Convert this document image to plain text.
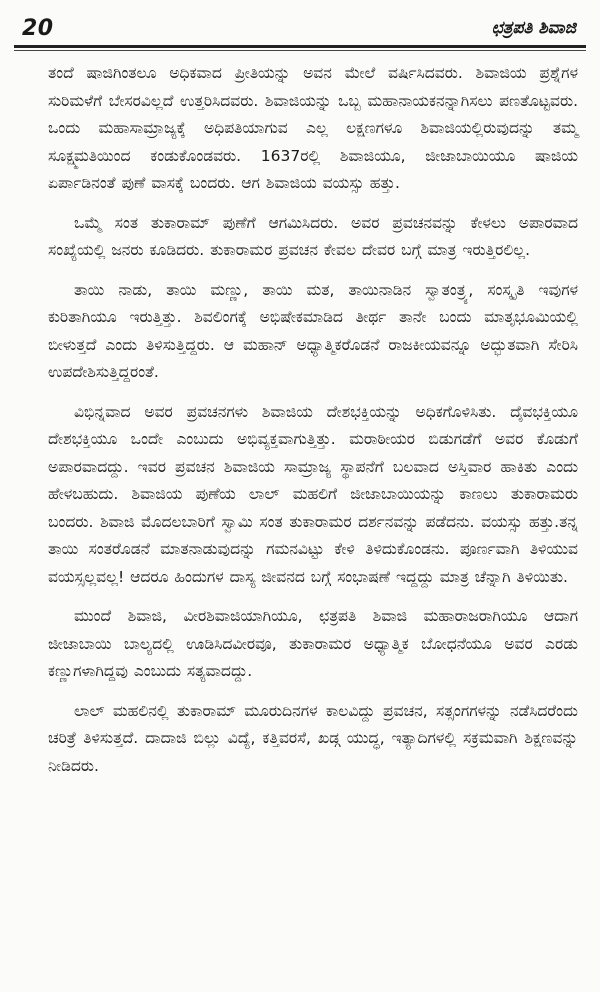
20	ಛತ್ರಪತಿ ಶಿವಾಜಿ

ತಂದೆ ಷಾಜಿಗಿಂತಲೂ ಅಧಿಕವಾದ ಪ್ರೀತಿಯನ್ನು ಅವನ ಮೇಲೆ ವರ್ಷಿಸಿದವರು. ಶಿವಾಜಿಯ ಪ್ರಶ್ನೆಗಳ ಸುರಿಮಳೆಗೆ ಬೇಸರವಿಲ್ಲದೆ ಉತ್ತರಿಸಿದವರು. ಶಿವಾಜಿಯನ್ನು ಒಬ್ಬ ಮಹಾನಾಯಕನನ್ನಾಗಿಸಲು ಪಣತೊಟ್ಟವರು. ಒಂದು ಮಹಾಸಾಮ್ರಾಜ್ಯಕ್ಕೆ ಅಧಿಪತಿಯಾಗುವ ಎಲ್ಲ ಲಕ್ಷಣಗಳೂ ಶಿವಾಜಿಯಲ್ಲಿರುವುದನ್ನು ತಮ್ಮ ಸೂಕ್ಷ್ಮಮತಿಯಿಂದ ಕಂಡುಕೊಂಡವರು. 1637ರಲ್ಲಿ ಶಿವಾಜಿಯೂ, ಜೀಜಾಬಾಯಿಯೂ ಷಾಜಿಯ ಏರ್ಪಾಡಿನಂತೆ ಪುಣೆ ವಾಸಕ್ಕೆ ಬಂದರು. ಆಗ ಶಿವಾಜಿಯ ವಯಸ್ಸು ಹತ್ತು.

ಒಮ್ಮೆ ಸಂತ ತುಕಾರಾಮ್ ಪುಣೆಗೆ ಆಗಮಿಸಿದರು. ಅವರ ಪ್ರವಚನವನ್ನು ಕೇಳಲು ಅಪಾರವಾದ ಸಂಖ್ಯೆಯಲ್ಲಿ ಜನರು ಕೂಡಿದರು. ತುಕಾರಾಮರ ಪ್ರವಚನ ಕೇವಲ ದೇವರ ಬಗ್ಗೆ ಮಾತ್ರ ಇರುತ್ತಿರಲಿಲ್ಲ.

ತಾಯಿ ನಾಡು, ತಾಯಿ ಮಣ್ಣು, ತಾಯಿ ಮತ, ತಾಯಿನಾಡಿನ ಸ್ವಾತಂತ್ರ್ಯ, ಸಂಸ್ಕೃತಿ ಇವುಗಳ ಕುರಿತಾಗಿಯೂ ಇರುತ್ತಿತ್ತು. ಶಿವಲಿಂಗಕ್ಕೆ ಅಭಿಷೇಕಮಾಡಿದ ತೀರ್ಥ ತಾನೇ ಬಂದು ಮಾತೃಭೂಮಿಯಲ್ಲಿ ಬೀಳುತ್ತದೆ ಎಂದು ತಿಳಿಸುತ್ತಿದ್ದರು. ಆ ಮಹಾನ್ ಅಧ್ಯಾತ್ಮಿಕರೊಡನೆ ರಾಜಕೀಯವನ್ನೂ ಅದ್ಭುತವಾಗಿ ಸೇರಿಸಿ ಉಪದೇಶಿಸುತ್ತಿದ್ದರಂತೆ.

ವಿಭಿನ್ನವಾದ ಅವರ ಪ್ರವಚನಗಳು ಶಿವಾಜಿಯ ದೇಶಭಕ್ತಿಯನ್ನು ಅಧಿಕಗೊಳಿಸಿತು. ದೈವಭಕ್ತಿಯೂ ದೇಶಭಕ್ತಿಯೂ ಒಂದೇ ಎಂಬುದು ಅಭಿವ್ಯಕ್ತವಾಗುತ್ತಿತ್ತು. ಮರಾಠೀಯರ ಬಿಡುಗಡೆಗೆ ಅವರ ಕೊಡುಗೆ ಅಪಾರವಾದದ್ದು. ಇವರ ಪ್ರವಚನ ಶಿವಾಜಿಯ ಸಾಮ್ರಾಜ್ಯ ಸ್ಥಾಪನೆಗೆ ಬಲವಾದ ಅಸ್ತಿವಾರ ಹಾಕಿತು ಎಂದು ಹೇಳಬಹುದು. ಶಿವಾಜಿಯ ಪುಣೆಯ ಲಾಲ್ ಮಹಲಿಗೆ ಜೀಜಾಬಾಯಿಯನ್ನು ಕಾಣಲು ತುಕಾರಾಮರು ಬಂದರು. ಶಿವಾಜಿ ಮೊದಲಬಾರಿಗೆ ಸ್ವಾಮಿ ಸಂತ ತುಕಾರಾಮರ ದರ್ಶನವನ್ನು ಪಡೆದನು. ವಯಸ್ಸು ಹತ್ತು.ತನ್ನ ತಾಯಿ ಸಂತರೊಡನೆ ಮಾತನಾಡುವುದನ್ನು ಗಮನವಿಟ್ಟು ಕೇಳಿ ತಿಳಿದುಕೊಂಡನು. ಪೂರ್ಣವಾಗಿ ತಿಳಿಯುವ ವಯಸ್ಸಲ್ಲವಲ್ಲ! ಆದರೂ ಹಿಂದುಗಳ ದಾಸ್ಯ ಜೀವನದ ಬಗ್ಗೆ ಸಂಭಾಷಣೆ ಇದ್ದದ್ದು ಮಾತ್ರ ಚೆನ್ನಾಗಿ ತಿಳಿಯಿತು.

ಮುಂದೆ ಶಿವಾಜಿ, ವೀರಶಿವಾಜಿಯಾಗಿಯೂ, ಛತ್ರಪತಿ ಶಿವಾಜಿ ಮಹಾರಾಜರಾಗಿಯೂ ಆದಾಗ ಜೀಜಾಬಾಯಿ ಬಾಲ್ಯದಲ್ಲಿ ಊಡಿಸಿದವೀರವೂ, ತುಕಾರಾಮರ ಅಧ್ಯಾತ್ಮಿಕ ಬೋಧನೆಯೂ ಅವರ ಎರಡು ಕಣ್ಣುಗಳಾಗಿದ್ದವು ಎಂಬುದು ಸತ್ಯವಾದದ್ದು.

ಲಾಲ್ ಮಹಲಿನಲ್ಲಿ ತುಕಾರಾಮ್ ಮೂರುದಿನಗಳ ಕಾಲವಿದ್ದು ಪ್ರವಚನ, ಸತ್ಸಂಗಗಳನ್ನು ನಡೆಸಿದರೆಂದು ಚರಿತ್ರೆ ತಿಳಿಸುತ್ತದೆ. ದಾದಾಜಿ ಬಿಲ್ಲು ವಿದ್ಯೆ, ಕತ್ತಿವರಸೆ, ಖಡ್ಗ ಯುದ್ಧ, ಇತ್ಯಾದಿಗಳಲ್ಲಿ ಸಕ್ರಮವಾಗಿ ಶಿಕ್ಷಣವನ್ನು ನೀಡಿದರು.
